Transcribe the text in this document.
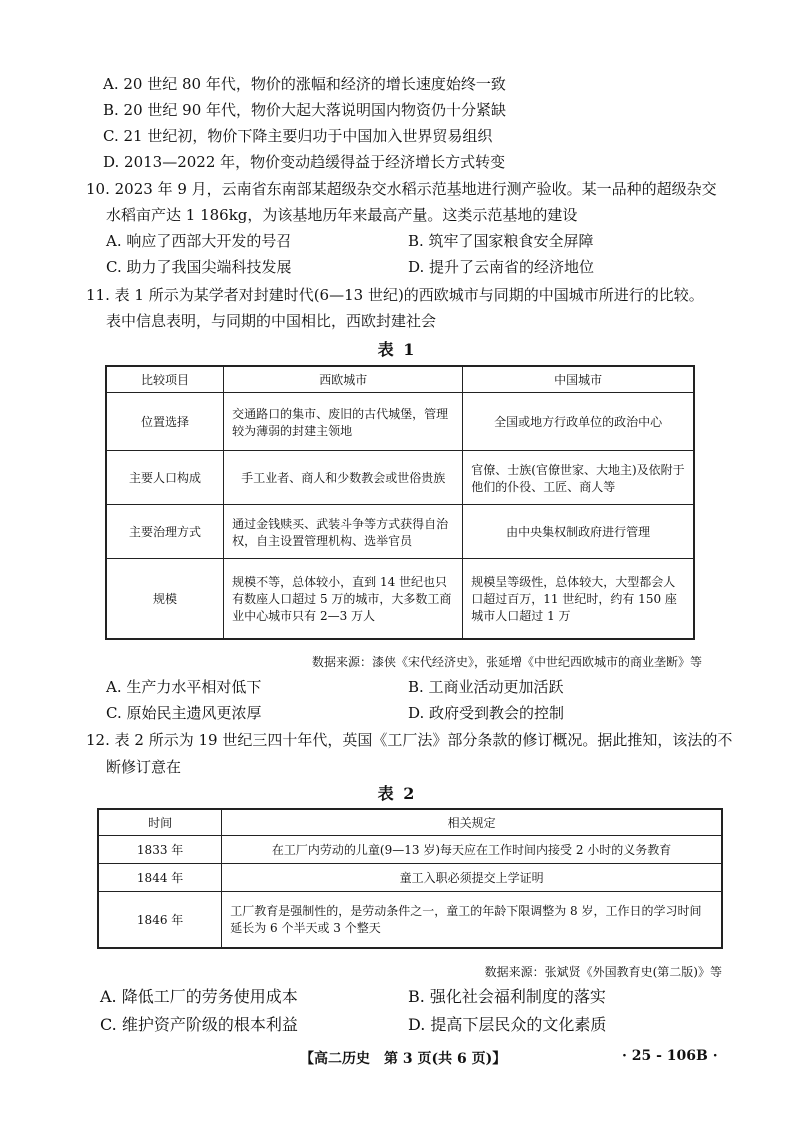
A. 20 世纪 80 年代，物价的涨幅和经济的增长速度始终一致
B. 20 世纪 90 年代，物价大起大落说明国内物资仍十分紧缺
C. 21 世纪初，物价下降主要归功于中国加入世界贸易组织
D. 2013—2022 年，物价变动趋缓得益于经济增长方式转变
10. 2023 年 9 月，云南省东南部某超级杂交水稻示范基地进行测产验收。某一品种的超级杂交
水稻亩产达 1 186kg，为该基地历年来最高产量。这类示范基地的建设
A. 响应了西部大开发的号召	B. 筑牢了国家粮食安全屏障
C. 助力了我国尖端科技发展	D. 提升了云南省的经济地位
11. 表 1 所示为某学者对封建时代(6—13 世纪)的西欧城市与同期的中国城市所进行的比较。
表中信息表明，与同期的中国相比，西欧封建社会
表 1
比较项目	西欧城市	中国城市
位置选择	交通路口的集市、废旧的古代城堡，管理较为薄弱的封建主领地	全国或地方行政单位的政治中心
主要人口构成	手工业者、商人和少数教会或世俗贵族	官僚、士族(官僚世家、大地主)及依附于他们的仆役、工匠、商人等
主要治理方式	通过金钱赎买、武装斗争等方式获得自治权，自主设置管理机构、选举官员	由中央集权制政府进行管理
规模	规模不等，总体较小，直到 14 世纪也只有数座人口超过 5 万的城市，大多数工商业中心城市只有 2—3 万人	规模呈等级性，总体较大，大型都会人口超过百万，11 世纪时，约有 150 座城市人口超过 1 万
数据来源：漆侠《宋代经济史》，张延增《中世纪西欧城市的商业垄断》等
A. 生产力水平相对低下	B. 工商业活动更加活跃
C. 原始民主遗风更浓厚	D. 政府受到教会的控制
12. 表 2 所示为 19 世纪三四十年代，英国《工厂法》部分条款的修订概况。据此推知，该法的不
断修订意在
表 2
时间	相关规定
1833 年	在工厂内劳动的儿童(9—13 岁)每天应在工作时间内接受 2 小时的义务教育
1844 年	童工入职必须提交上学证明
1846 年	工厂教育是强制性的，是劳动条件之一，童工的年龄下限调整为 8 岁，工作日的学习时间延长为 6 个半天或 3 个整天
数据来源：张斌贤《外国教育史(第二版)》等
A. 降低工厂的劳务使用成本	B. 强化社会福利制度的落实
C. 维护资产阶级的根本利益	D. 提高下层民众的文化素质
【高二历史　第 3 页(共 6 页)】	· 25 - 106B ·
